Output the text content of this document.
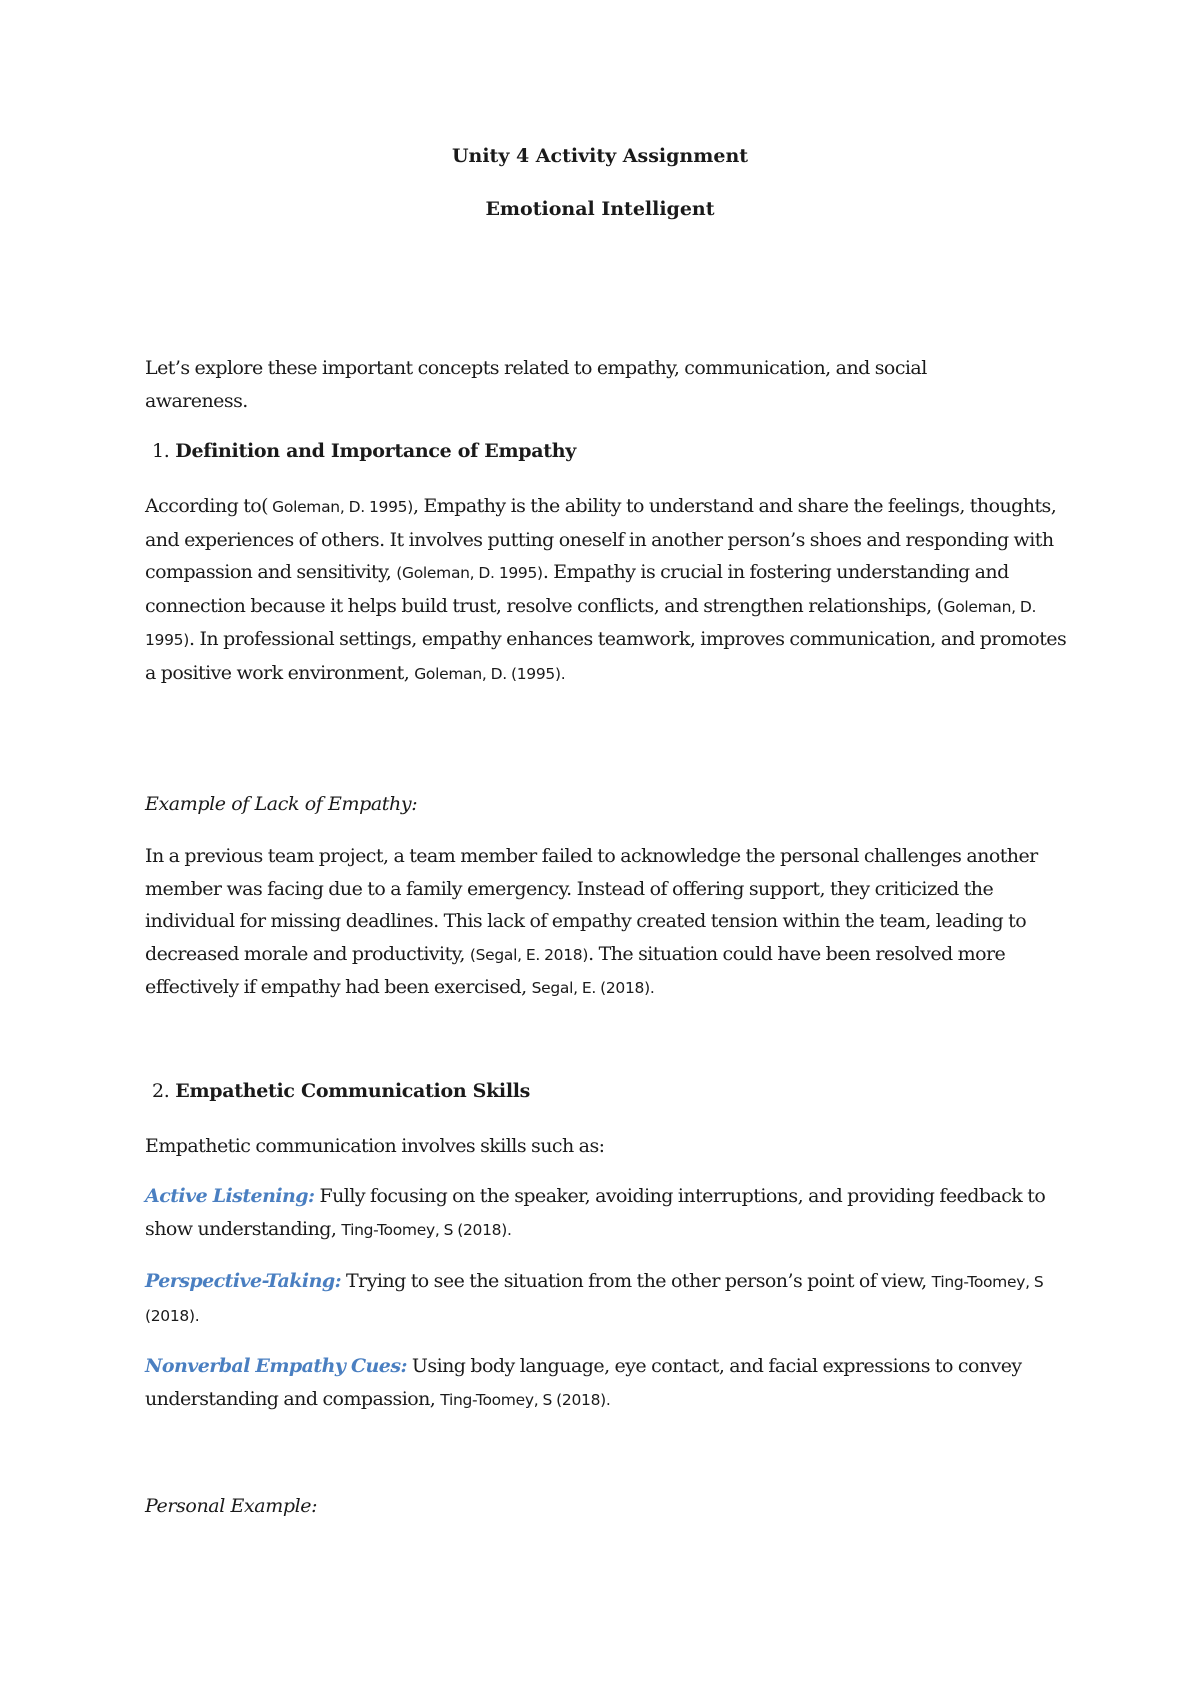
Unity 4 Activity Assignment

Emotional Intelligent

Let’s explore these important concepts related to empathy, communication, and social awareness.

1. Definition and Importance of Empathy

According to( Goleman, D. 1995), Empathy is the ability to understand and share the feelings, thoughts, and experiences of others. It involves putting oneself in another person’s shoes and responding with compassion and sensitivity, (Goleman, D. 1995). Empathy is crucial in fostering understanding and connection because it helps build trust, resolve conflicts, and strengthen relationships, (Goleman, D. 1995). In professional settings, empathy enhances teamwork, improves communication, and promotes a positive work environment, Goleman, D. (1995).

Example of Lack of Empathy:

In a previous team project, a team member failed to acknowledge the personal challenges another member was facing due to a family emergency. Instead of offering support, they criticized the individual for missing deadlines. This lack of empathy created tension within the team, leading to decreased morale and productivity, (Segal, E. 2018). The situation could have been resolved more effectively if empathy had been exercised, Segal, E. (2018).

2. Empathetic Communication Skills

Empathetic communication involves skills such as:

Active Listening: Fully focusing on the speaker, avoiding interruptions, and providing feedback to show understanding, Ting-Toomey, S (2018).

Perspective-Taking: Trying to see the situation from the other person’s point of view, Ting-Toomey, S (2018).

Nonverbal Empathy Cues: Using body language, eye contact, and facial expressions to convey understanding and compassion, Ting-Toomey, S (2018).

Personal Example:
